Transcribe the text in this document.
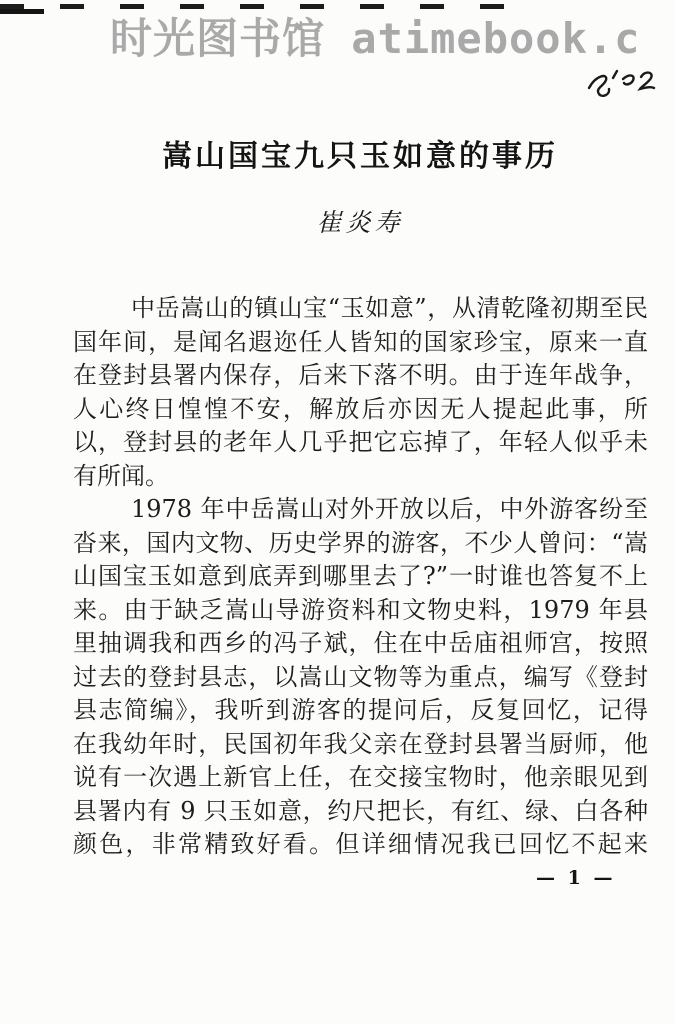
时光图书馆 atimebook.c
嵩山国宝九只玉如意的事历
崔炎寿
中岳嵩山的镇山宝“玉如意”，从清乾隆初期至民
国年间，是闻名遐迩任人皆知的国家珍宝，原来一直
在登封县署内保存，后来下落不明。由于连年战争，
人心终日惶惶不安，解放后亦因无人提起此事，所
以，登封县的老年人几乎把它忘掉了，年轻人似乎未
有所闻。
1978 年中岳嵩山对外开放以后，中外游客纷至
沓来，国内文物、历史学界的游客，不少人曾问：“嵩
山国宝玉如意到底弄到哪里去了?”一时谁也答复不上
来。由于缺乏嵩山导游资料和文物史料，1979 年县
里抽调我和西乡的冯子斌，住在中岳庙祖师宫，按照
过去的登封县志，以嵩山文物等为重点，编写《登封
县志简编》，我听到游客的提问后，反复回忆，记得
在我幼年时，民国初年我父亲在登封县署当厨师，他
说有一次遇上新官上任，在交接宝物时，他亲眼见到
县署内有 9 只玉如意，约尺把长，有红、绿、白各种
颜色，非常精致好看。但详细情况我已回忆不起来
— 1 —
